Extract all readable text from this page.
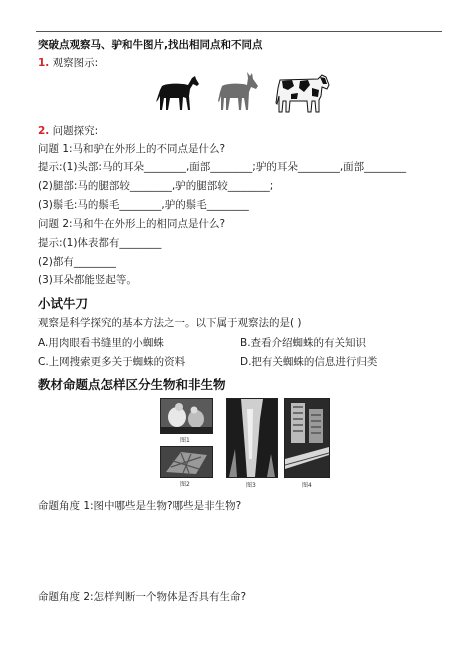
突破点观察马、驴和牛图片,找出相同点和不同点
1. 观察图示:
2. 问题探究:
问题 1:马和驴在外形上的不同点是什么?
提示:(1)头部:马的耳朵________,面部________;驴的耳朵________,面部________
(2)腿部:马的腿部较________,驴的腿部较________;
(3)鬃毛:马的鬃毛________,驴的鬃毛________
问题 2:马和牛在外形上的相同点是什么?
提示:(1)体表都有________
(2)都有________
(3)耳朵都能竖起等。
小试牛刀
观察是科学探究的基本方法之一。以下属于观察法的是( )
A.用肉眼看书缝里的小蜘蛛	B.查看介绍蜘蛛的有关知识
C.上网搜索更多关于蜘蛛的资料	D.把有关蜘蛛的信息进行归类
教材命题点怎样区分生物和非生物
图1
图2	图3	图4
命题角度 1:图中哪些是生物?哪些是非生物?
命题角度 2:怎样判断一个物体是否具有生命?
